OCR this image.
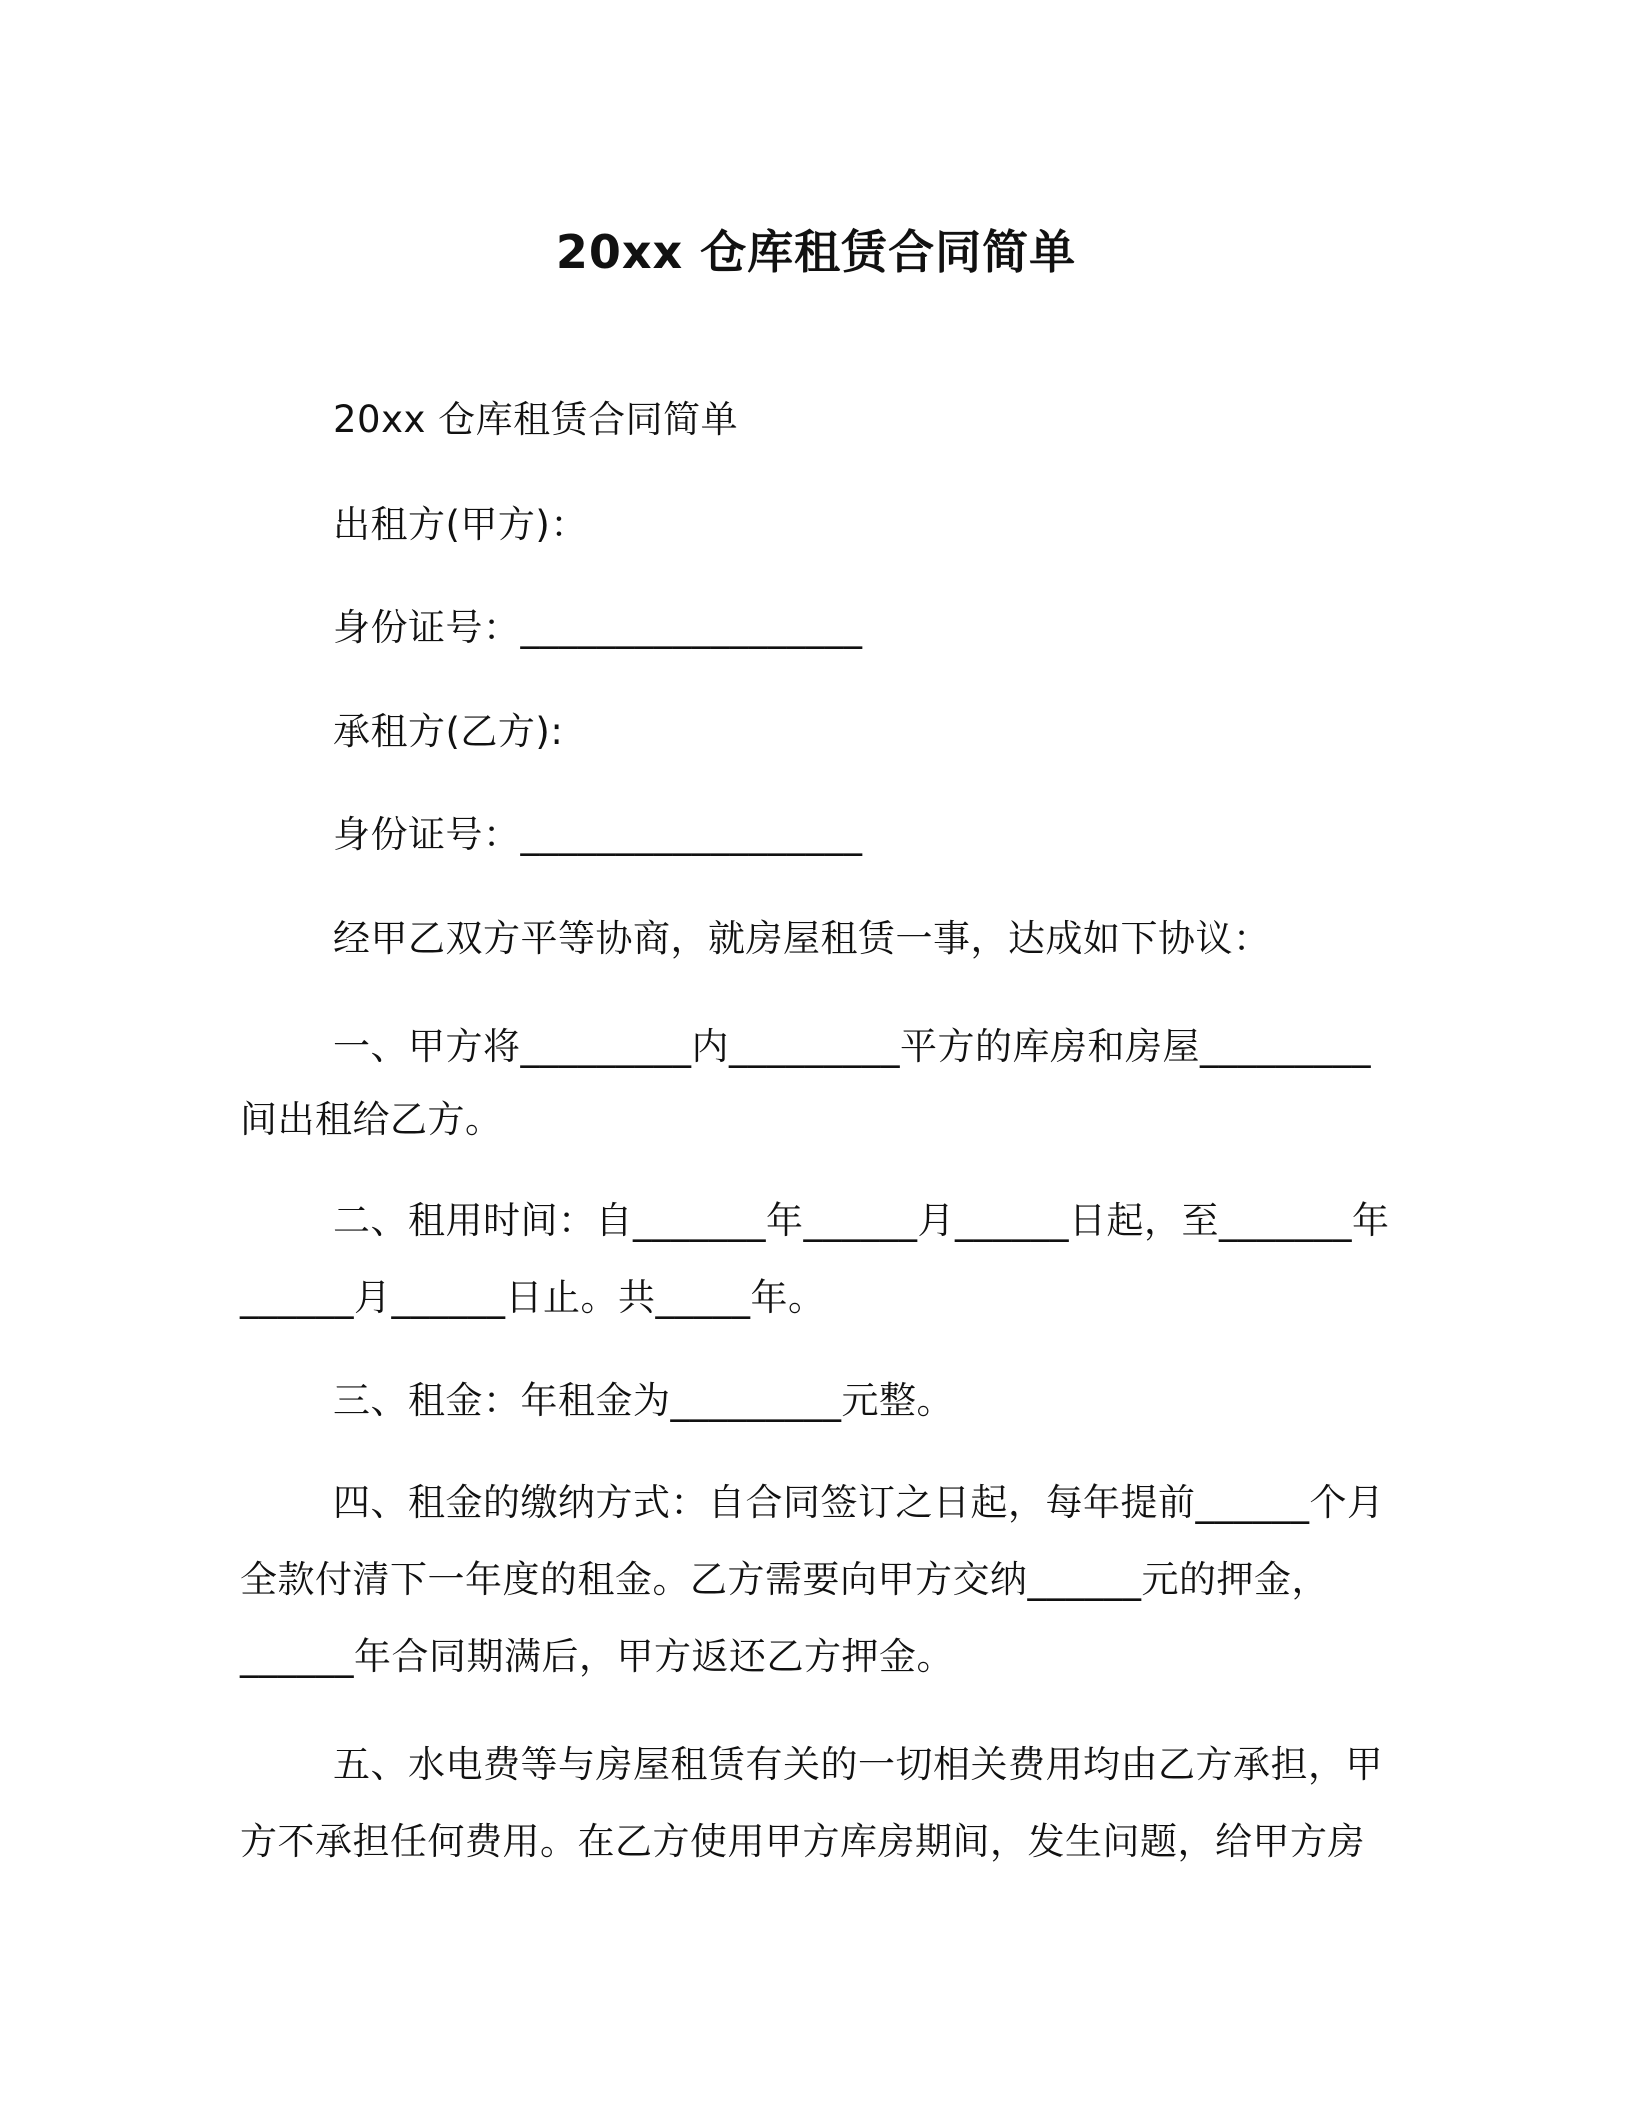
20xx 仓库租赁合同简单
20xx 仓库租赁合同简单
出租方(甲方)：
身份证号：__________________
承租方(乙方):
身份证号：__________________
经甲乙双方平等协商，就房屋租赁一事，达成如下协议：
一、甲方将_________内_________平方的库房和房屋_________
间出租给乙方。
二、租用时间：自_______年______月______日起，至_______年
______月______日止。共_____年。
三、租金：年租金为_________元整。
四、租金的缴纳方式：自合同签订之日起，每年提前______个月
全款付清下一年度的租金。乙方需要向甲方交纳______元的押金，
______年合同期满后，甲方返还乙方押金。
五、水电费等与房屋租赁有关的一切相关费用均由乙方承担，甲
方不承担任何费用。在乙方使用甲方库房期间，发生问题，给甲方房
